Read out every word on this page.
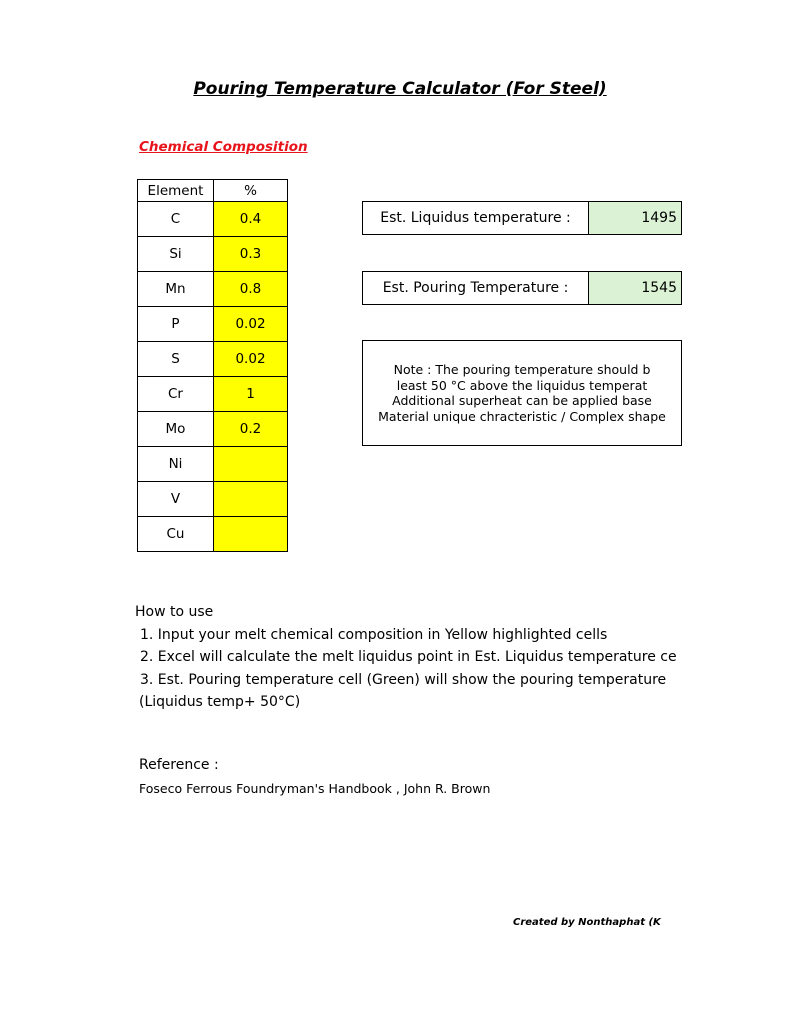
Pouring Temperature Calculator (For Steel)
Chemical Composition
Element	%
C	0.4
Si	0.3
Mn	0.8
P	0.02
S	0.02
Cr	1
Mo	0.2
Ni	
V	
Cu	
Est. Liquidus temperature :	1495
Est. Pouring Temperature :	1545
Note : The pouring temperature should b
least 50 °C above the liquidus temperat
Additional superheat can be applied base
Material unique chracteristic / Complex shape
How to use
1. Input your melt chemical composition in Yellow highlighted cells
2. Excel will calculate the melt liquidus point in Est. Liquidus temperature ce
3. Est. Pouring temperature cell (Green) will show the pouring temperature
(Liquidus temp+ 50°C)
Reference :
Foseco Ferrous Foundryman's Handbook , John R. Brown
Created by Nonthaphat (K
